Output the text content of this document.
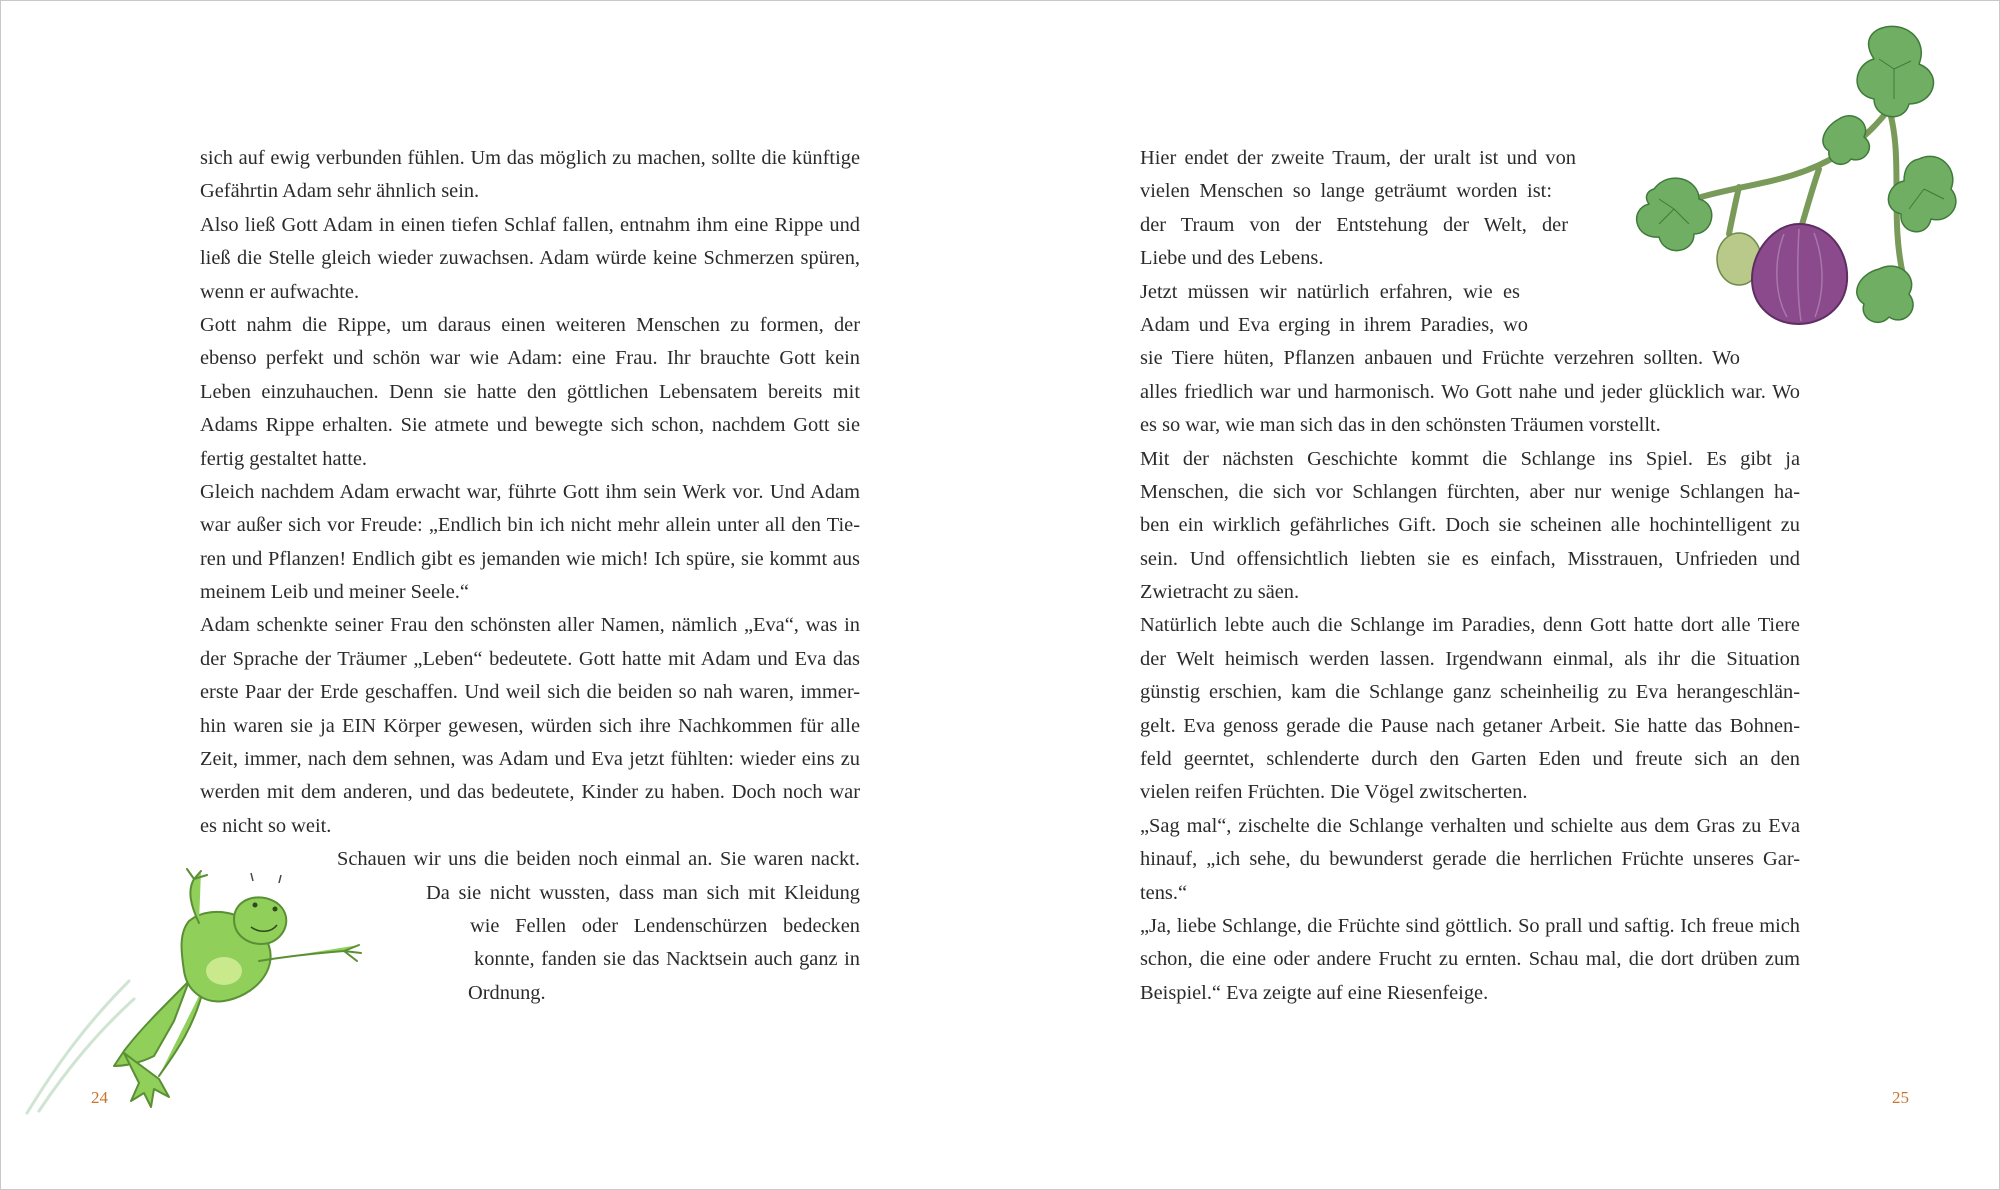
sich auf ewig verbunden fühlen. Um das möglich zu machen, sollte die künftige
Gefährtin Adam sehr ähnlich sein.
Also ließ Gott Adam in einen tiefen Schlaf fallen, entnahm ihm eine Rippe und
ließ die Stelle gleich wieder zuwachsen. Adam würde keine Schmerzen spüren,
wenn er aufwachte.
Gott nahm die Rippe, um daraus einen weiteren Menschen zu formen, der
ebenso perfekt und schön war wie Adam: eine Frau. Ihr brauchte Gott kein
Leben einzuhauchen. Denn sie hatte den göttlichen Lebensatem bereits mit
Adams Rippe erhalten. Sie atmete und bewegte sich schon, nachdem Gott sie
fertig gestaltet hatte.
Gleich nachdem Adam erwacht war, führte Gott ihm sein Werk vor. Und Adam
war außer sich vor Freude: „Endlich bin ich nicht mehr allein unter all den Tie-
ren und Pflanzen! Endlich gibt es jemanden wie mich! Ich spüre, sie kommt aus
meinem Leib und meiner Seele.“
Adam schenkte seiner Frau den schönsten aller Namen, nämlich „Eva“, was in
der Sprache der Träumer „Leben“ bedeutete. Gott hatte mit Adam und Eva das
erste Paar der Erde geschaffen. Und weil sich die beiden so nah waren, immer-
hin waren sie ja EIN Körper gewesen, würden sich ihre Nachkommen für alle
Zeit, immer, nach dem sehnen, was Adam und Eva jetzt fühlten: wieder eins zu
werden mit dem anderen, und das bedeutete, Kinder zu haben. Doch noch war
es nicht so weit.
Schauen wir uns die beiden noch einmal an. Sie waren nackt.
Da sie nicht wussten, dass man sich mit Kleidung
wie Fellen oder Lendenschürzen bedecken
konnte, fanden sie das Nacktsein auch ganz in
Ordnung.
24
Hier endet der zweite Traum, der uralt ist und von
vielen Menschen so lange geträumt worden ist:
der Traum von der Entstehung der Welt, der
Liebe und des Lebens.
Jetzt müssen wir natürlich erfahren, wie es
Adam und Eva erging in ihrem Paradies, wo
sie Tiere hüten, Pflanzen anbauen und Früchte verzehren sollten. Wo
alles friedlich war und harmonisch. Wo Gott nahe und jeder glücklich war. Wo
es so war, wie man sich das in den schönsten Träumen vorstellt.
Mit der nächsten Geschichte kommt die Schlange ins Spiel. Es gibt ja
Menschen, die sich vor Schlangen fürchten, aber nur wenige Schlangen ha-
ben ein wirklich gefährliches Gift. Doch sie scheinen alle hochintelligent zu
sein. Und offensichtlich liebten sie es einfach, Misstrauen, Unfrieden und
Zwietracht zu säen.
Natürlich lebte auch die Schlange im Paradies, denn Gott hatte dort alle Tiere
der Welt heimisch werden lassen. Irgendwann einmal, als ihr die Situation
günstig erschien, kam die Schlange ganz scheinheilig zu Eva herangeschlän-
gelt. Eva genoss gerade die Pause nach getaner Arbeit. Sie hatte das Bohnen-
feld geerntet, schlenderte durch den Garten Eden und freute sich an den
vielen reifen Früchten. Die Vögel zwitscherten.
„Sag mal“, zischelte die Schlange verhalten und schielte aus dem Gras zu Eva
hinauf, „ich sehe, du bewunderst gerade die herrlichen Früchte unseres Gar-
tens.“
„Ja, liebe Schlange, die Früchte sind göttlich. So prall und saftig. Ich freue mich
schon, die eine oder andere Frucht zu ernten. Schau mal, die dort drüben zum
Beispiel.“ Eva zeigte auf eine Riesenfeige.
25
